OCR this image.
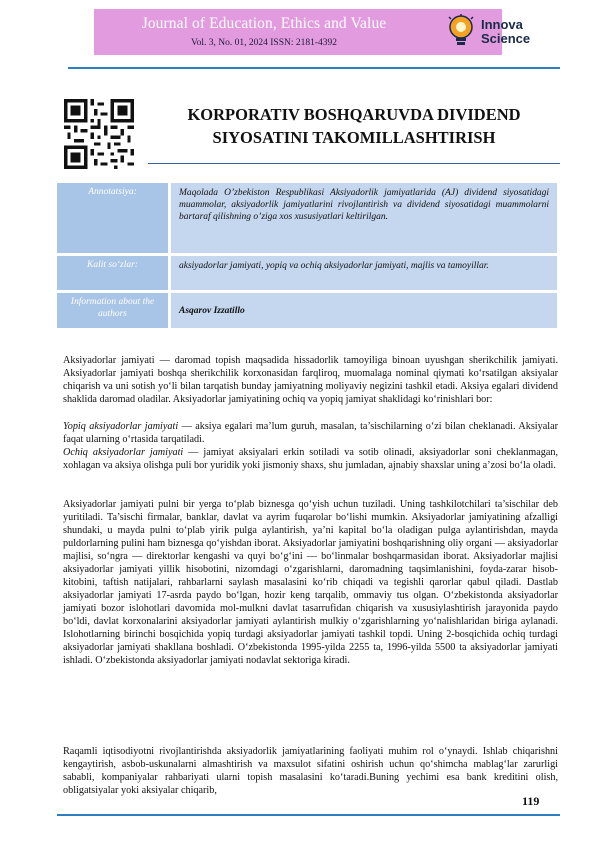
Journal of Education, Ethics and Value
Vol. 3, No. 01, 2024 ISSN: 2181-4392
Innova
Science
KORPORATIV BOSHQARUVDA DIVIDEND SIYOSATINI TAKOMILLASHTIRISH
Annotatsiya:	Maqolada O’zbekiston Respublikasi Aksiyadorlik jamiyatlarida (AJ) dividend siyosatidagi muammolar, aksiyadorlik jamiyatlarini rivojlantirish va dividend siyosatidagi muammolarni bartaraf qilishning o’ziga xos xususiyatlari keltirilgan.
Kalit so‘zlar:	aksiyadorlar jamiyati, yopiq va ochiq aksiyadorlar jamiyati, majlis va tamoyillar.
Information about the authors	Asqarov Izzatillo

Aksiyadorlar jamiyati — daromad topish maqsadida hissadorlik tamoyiliga binoan uyushgan sherikchilik jamiyati. Aksiyadorlar jamiyati boshqa sherikchilik korxonasidan farqliroq, muomalaga nominal qiymati ko‘rsatilgan aksiyalar chiqarish va uni sotish yo‘li bilan tarqatish bunday jamiyatning moliyaviy negizini tashkil etadi. Aksiya egalari dividend shaklida daromad oladilar. Aksiyadorlar jamiyatining ochiq va yopiq jamiyat shaklidagi ko‘rinishlari bor:

Yopiq aksiyadorlar jamiyati — aksiya egalari ma’lum guruh, masalan, ta’sischilarning o‘zi bilan cheklanadi. Aksiyalar faqat ularning o‘rtasida tarqatiladi.

Ochiq aksiyadorlar jamiyati — jamiyat aksiyalari erkin sotiladi va sotib olinadi, aksiyadorlar soni cheklanmagan, xohlagan va aksiya olishga puli bor yuridik yoki jismoniy shaxs, shu jumladan, ajnabiy shaxslar uning a’zosi bo‘la oladi.

Aksiyadorlar jamiyati pulni bir yerga to‘plab biznesga qo‘yish uchun tuziladi. Uning tashkilotchilari ta’sischilar deb yuritiladi. Ta’sischi firmalar, banklar, davlat va ayrim fuqarolar bo‘lishi mumkin. Aksiyadorlar jamiyatining afzalligi shundaki, u mayda pulni to‘plab yirik pulga aylantirish, ya’ni kapital bo‘la oladigan pulga aylantirishdan, mayda puldorlarning pulini ham biznesga qo‘yishdan iborat. Aksiyadorlar jamiyatini boshqarishning oliy organi — aksiyadorlar majlisi, so‘ngra — direktorlar kengashi va quyi bo‘g‘ini — bo‘linmalar boshqarmasidan iborat. Aksiyadorlar majlisi aksiyadorlar jamiyati yillik hisobotini, nizomdagi o‘zgarishlarni, daromadning taqsimlanishini, foyda-zarar hisob-kitobini, taftish natijalari, rahbarlarni saylash masalasini ko‘rib chiqadi va tegishli qarorlar qabul qiladi. Dastlab aksiyadorlar jamiyati 17-asrda paydo bo‘lgan, hozir keng tarqalib, ommaviy tus olgan. O‘zbekistonda aksiyadorlar jamiyati bozor islohotlari davomida mol-mulkni davlat tasarrufidan chiqarish va xususiylashtirish jarayonida paydo bo‘ldi, davlat korxonalarini aksiyadorlar jamiyati aylantirish mulkiy o‘zgarishlarning yo‘nalishlaridan biriga aylanadi. Islohotlarning birinchi bosqichida yopiq turdagi aksiyadorlar jamiyati tashkil topdi. Uning 2-bosqichida ochiq turdagi aksiyadorlar jamiyati shakllana boshladi. O‘zbekistonda 1995-yilda 2255 ta, 1996-yilda 5500 ta aksiyadorlar jamiyati ishladi. O‘zbekistonda aksiyadorlar jamiyati nodavlat sektoriga kiradi.

Raqamli iqtisodiyotni rivojlantirishda aksiyadorlik jamiyatlarining faoliyati muhim rol o‘ynaydi. Ishlab chiqarishni kengaytirish, asbob-uskunalarni almashtirish va maxsulot sifatini oshirish uchun qo‘shimcha mablag‘lar zarurligi sababli, kompaniyalar rahbariyati ularni topish masalasini ko‘taradi.Buning yechimi esa bank kreditini olish, obligatsiyalar yoki aksiyalar chiqarib,

119
